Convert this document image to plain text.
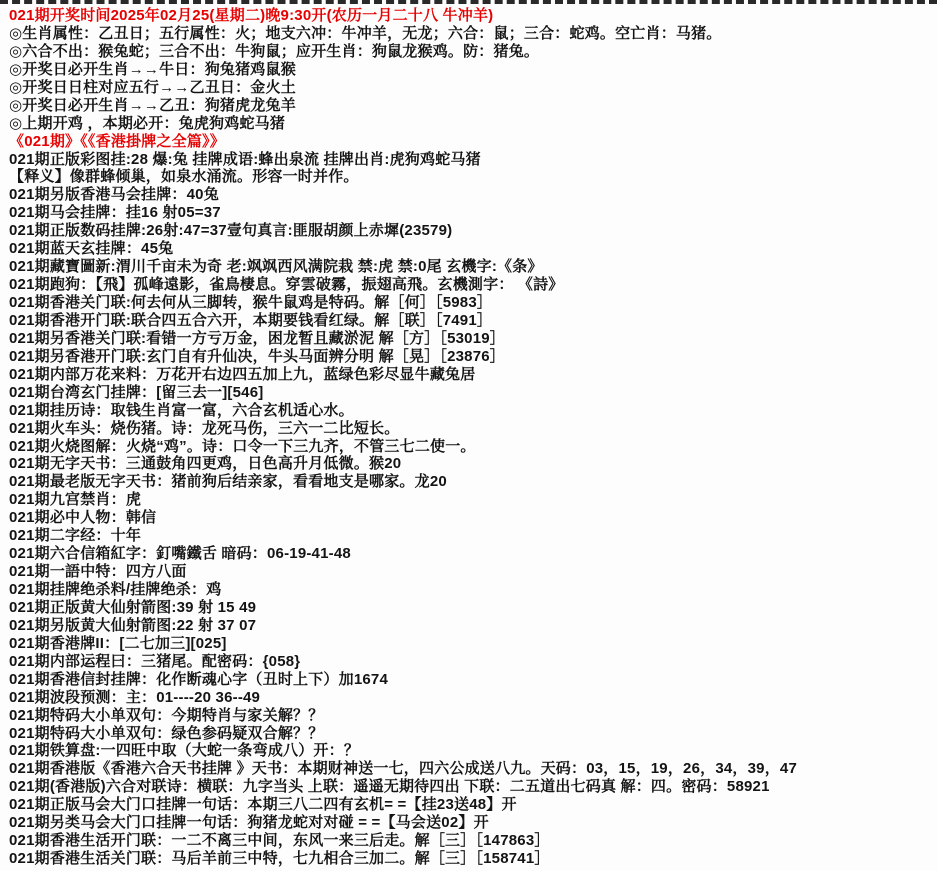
021期开奖时间2025年02月25(星期二)晚9:30开(农历一月二十八 牛冲羊)
◎生肖属性：乙丑日；五行属性：火；地支六冲：牛冲羊，无龙；六合：鼠；三合：蛇鸡。空亡肖：马猪。
◎六合不出：猴兔蛇；三合不出：牛狗鼠；应开生肖：狗鼠龙猴鸡。防：猪兔。
◎开奖日必开生肖→→牛日：狗兔猪鸡鼠猴
◎开奖日日柱对应五行→→乙丑日：金火土
◎开奖日必开生肖→→乙丑：狗猪虎龙兔羊
◎上期开鸡 ，本期必开：兔虎狗鸡蛇马猪
《021期》《《香港掛牌之全篇》》
021期正版彩图挂:28 爆:兔 挂牌成语:蜂出泉流 挂牌出肖:虎狗鸡蛇马猪
【释义】像群蜂倾巢，如泉水涌流。形容一时并作。
021期另版香港马会挂牌：40兔
021期马会挂牌：挂16 射05=37
021期正版数码挂牌:26射:47=37壹句真言:匪服胡颜上赤墀(23579)
021期蓝天玄挂牌：45兔
021期藏寶圖新:渭川千亩未为奇 老:飒飒西风满院栽 禁:虎 禁:0尾 玄機字:《条》
021期跑狗：【飛】孤峰遠影，雀鳥棲息。穿雲破霧，振翅高飛。玄機測字： 《詩》
021期香港关门联:何去何从三脚转，猴牛鼠鸡是特码。解［何］［5983］
021期香港开门联:联合四五合六开，本期要钱看红绿。解［联］［7491］
021期另香港关门联:看错一方亏万金，困龙暂且藏淤泥 解［方］［53019］
021期另香港开门联:玄门自有升仙决，牛头马面辨分明 解［晃］［23876］
021期内部万花来料：万花开右边四五加上九，蓝绿色彩尽显牛藏兔居
021期台湾玄门挂牌：[留三去一][546]
021期挂历诗：取钱生肖富一富，六合玄机适心水。
021期火车头：烧伤猪。诗：龙死马伤，三六一二比短长。
021期火烧图解：火烧“鸡”。诗：口令一下三九齐，不管三七二使一。
021期无字天书：三通鼓角四更鸡，日色高升月低微。猴20
021期最老版无字天书：猪前狗后结亲家，看看地支是哪家。龙20
021期九宫禁肖：虎
021期必中人物：韩信
021期二字经：十年
021期六合信箱紅字：釘嘴鐵舌 暗码：06-19-41-48
021期一語中特：四方八面
021期挂牌绝杀料/挂牌绝杀：鸡
021期正版黄大仙射箭图:39 射 15 49
021期另版黄大仙射箭图:22 射 37 07
021期香港牌II：[二七加三][025]
021期内部运程曰：三猪尾。配密码：{058}
021期香港信封挂牌：化作断魂心字（丑时上下）加1674
021期波段预测：主：01----20 36--49
021期特码大小单双句：今期特肖与家关解？？
021期特码大小单双句：绿色参码疑双合解？？
021期铁算盘:一四旺中取（大蛇一条弯成八）开：？
021期香港版《香港六合天书挂牌 》天书：本期财神送一七，四六公成送八九。天码：03，15，19，26，34，39，47
021期(香港版)六合对联诗：横联：九字当头 上联：遥遥无期待四出 下联：二五道出七码真 解：四。密码：58921
021期正版马会大门口挂牌一句话：本期三八二四有玄机= =【挂23送48】开
021期另类马会大门口挂牌一句话：狗猪龙蛇对对碰 = =【马会送02】开
021期香港生活开门联：一二不离三中间，东风一来三后走。解［三］［147863］
021期香港生活关门联：马后羊前三中特，七九相合三加二。解［三］［158741］
